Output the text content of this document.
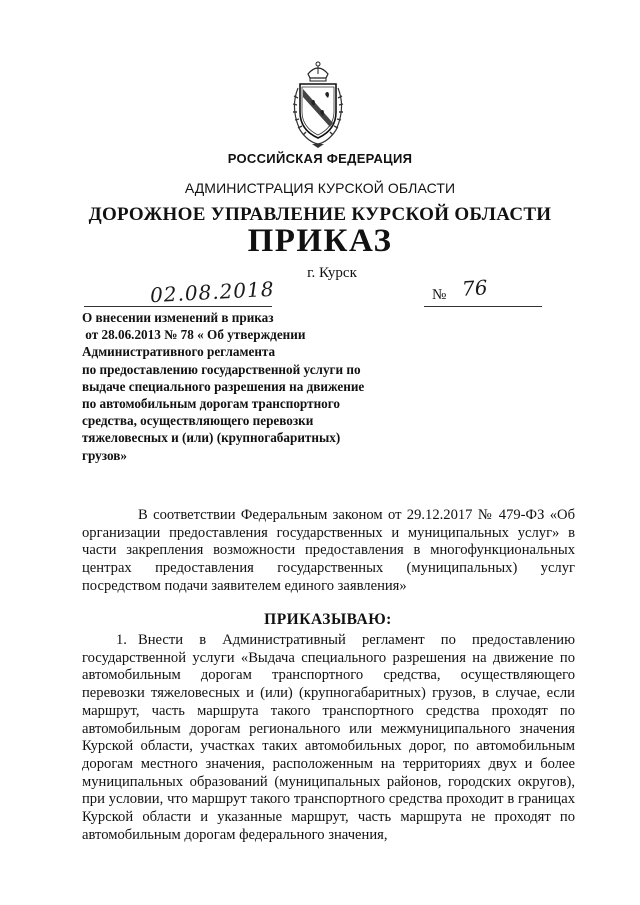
РОССИЙСКАЯ ФЕДЕРАЦИЯ
АДМИНИСТРАЦИЯ КУРСКОЙ ОБЛАСТИ
ДОРОЖНОЕ УПРАВЛЕНИЕ КУРСКОЙ ОБЛАСТИ
ПРИКАЗ
г. Курск
02.08.2018	№ 76
О внесении изменений в приказ
от 28.06.2013 № 78 « Об утверждении
Административного регламента
по предоставлению государственной услуги по
выдаче специального разрешения на движение
по автомобильным дорогам транспортного
средства, осуществляющего перевозки
тяжеловесных и (или) (крупногабаритных)
грузов»

В соответствии Федеральным законом от 29.12.2017 № 479-ФЗ «Об организации предоставления государственных и муниципальных услуг» в части закрепления возможности предоставления в многофункциональных центрах предоставления государственных (муниципальных) услуг посредством подачи заявителем единого заявления»

ПРИКАЗЫВАЮ:

1. Внести в Административный регламент по предоставлению государственной услуги «Выдача специального разрешения на движение по автомобильным дорогам транспортного средства, осуществляющего перевозки тяжеловесных и (или) (крупногабаритных) грузов, в случае, если маршрут, часть маршрута такого транспортного средства проходят по автомобильным дорогам регионального или межмуниципального значения Курской области, участках таких автомобильных дорог, по автомобильным дорогам местного значения, расположенным на территориях двух и более муниципальных образований (муниципальных районов, городских округов), при условии, что маршрут такого транспортного средства проходит в границах Курской области и указанные маршрут, часть маршрута не проходят по автомобильным дорогам федерального значения,
